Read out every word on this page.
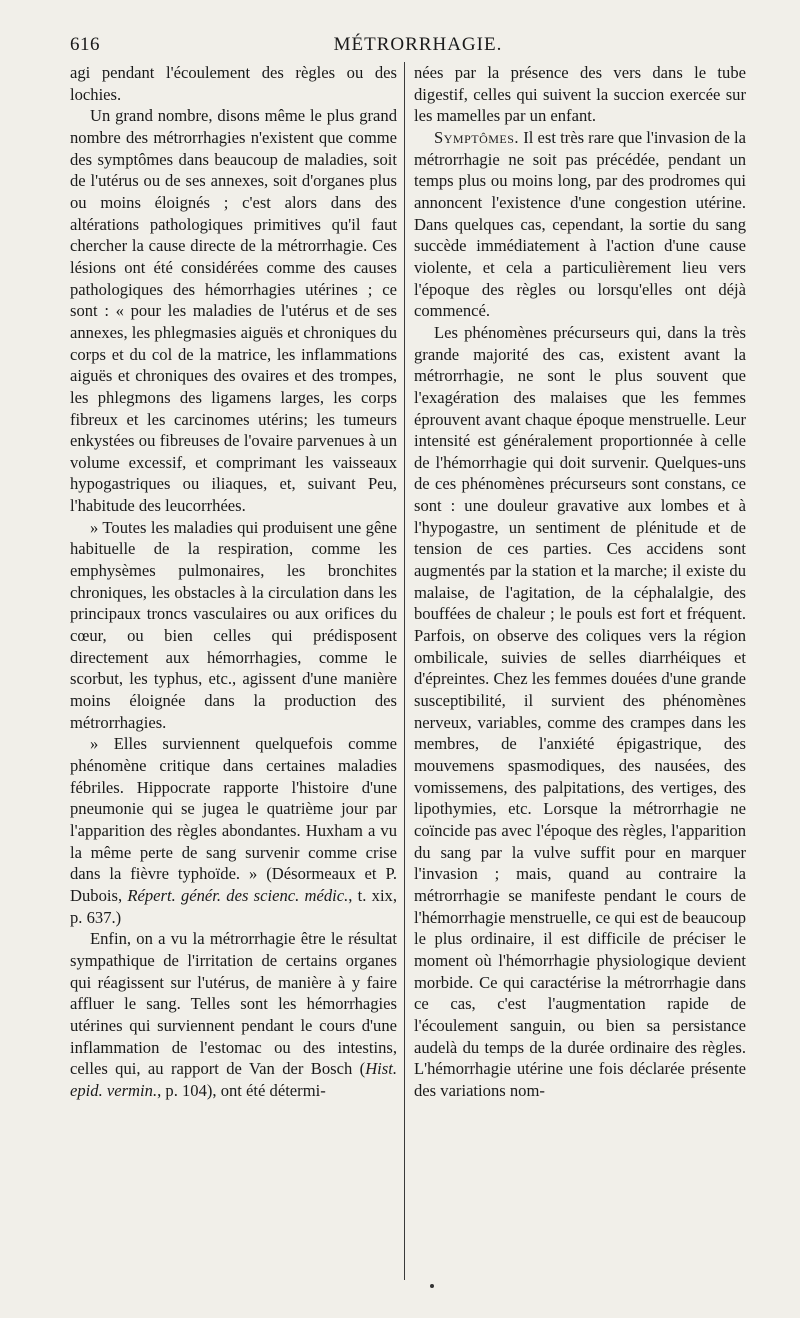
616	MÉTRORRHAGIE.

agi pendant l'écoulement des règles ou des lochies.

Un grand nombre, disons même le plus grand nombre des métrorrhagies n'existent que comme des symptômes dans beaucoup de maladies, soit de l'utérus ou de ses annexes, soit d'organes plus ou moins éloignés ; c'est alors dans des altérations pathologiques primitives qu'il faut chercher la cause directe de la métrorrhagie. Ces lésions ont été considérées comme des causes pathologiques des hémorrhagies utérines ; ce sont : « pour les maladies de l'utérus et de ses annexes, les phlegmasies aiguës et chroniques du corps et du col de la matrice, les inflammations aiguës et chroniques des ovaires et des trompes, les phlegmons des ligamens larges, les corps fibreux et les carcinomes utérins; les tumeurs enkystées ou fibreuses de l'ovaire parvenues à un volume excessif, et comprimant les vaisseaux hypogastriques ou iliaques, et, suivant Peu, l'habitude des leucorrhées.

» Toutes les maladies qui produisent une gêne habituelle de la respiration, comme les emphysèmes pulmonaires, les bronchites chroniques, les obstacles à la circulation dans les principaux troncs vasculaires ou aux orifices du cœur, ou bien celles qui prédisposent directement aux hémorrhagies, comme le scorbut, les typhus, etc., agissent d'une manière moins éloignée dans la production des métrorrhagies.

» Elles surviennent quelquefois comme phénomène critique dans certaines maladies fébriles. Hippocrate rapporte l'histoire d'une pneumonie qui se jugea le quatrième jour par l'apparition des règles abondantes. Huxham a vu la même perte de sang survenir comme crise dans la fièvre typhoïde. » (Désormeaux et P. Dubois, Répert. génér. des scienc. médic., t. xix, p. 637.)

Enfin, on a vu la métrorrhagie être le résultat sympathique de l'irritation de certains organes qui réagissent sur l'utérus, de manière à y faire affluer le sang. Telles sont les hémorrhagies utérines qui surviennent pendant le cours d'une inflammation de l'estomac ou des intestins, celles qui, au rapport de Van der Bosch (Hist. epid. vermin., p. 104), ont été détermi-

nées par la présence des vers dans le tube digestif, celles qui suivent la succion exercée sur les mamelles par un enfant.

Symptômes. Il est très rare que l'invasion de la métrorrhagie ne soit pas précédée, pendant un temps plus ou moins long, par des prodromes qui annoncent l'existence d'une congestion utérine. Dans quelques cas, cependant, la sortie du sang succède immédiatement à l'action d'une cause violente, et cela a particulièrement lieu vers l'époque des règles ou lorsqu'elles ont déjà commencé.

Les phénomènes précurseurs qui, dans la très grande majorité des cas, existent avant la métrorrhagie, ne sont le plus souvent que l'exagération des malaises que les femmes éprouvent avant chaque époque menstruelle. Leur intensité est généralement proportionnée à celle de l'hémorrhagie qui doit survenir. Quelques-uns de ces phénomènes précurseurs sont constans, ce sont : une douleur gravative aux lombes et à l'hypogastre, un sentiment de plénitude et de tension de ces parties. Ces accidens sont augmentés par la station et la marche; il existe du malaise, de l'agitation, de la céphalalgie, des bouffées de chaleur ; le pouls est fort et fréquent. Parfois, on observe des coliques vers la région ombilicale, suivies de selles diarrhéiques et d'épreintes. Chez les femmes douées d'une grande susceptibilité, il survient des phénomènes nerveux, variables, comme des crampes dans les membres, de l'anxiété épigastrique, des mouvemens spasmodiques, des nausées, des vomissemens, des palpitations, des vertiges, des lipothymies, etc. Lorsque la métrorrhagie ne coïncide pas avec l'époque des règles, l'apparition du sang par la vulve suffit pour en marquer l'invasion ; mais, quand au contraire la métrorrhagie se manifeste pendant le cours de l'hémorrhagie menstruelle, ce qui est de beaucoup le plus ordinaire, il est difficile de préciser le moment où l'hémorrhagie physiologique devient morbide. Ce qui caractérise la métrorrhagie dans ce cas, c'est l'augmentation rapide de l'écoulement sanguin, ou bien sa persistance audelà du temps de la durée ordinaire des règles. L'hémorrhagie utérine une fois déclarée présente des variations nom-
